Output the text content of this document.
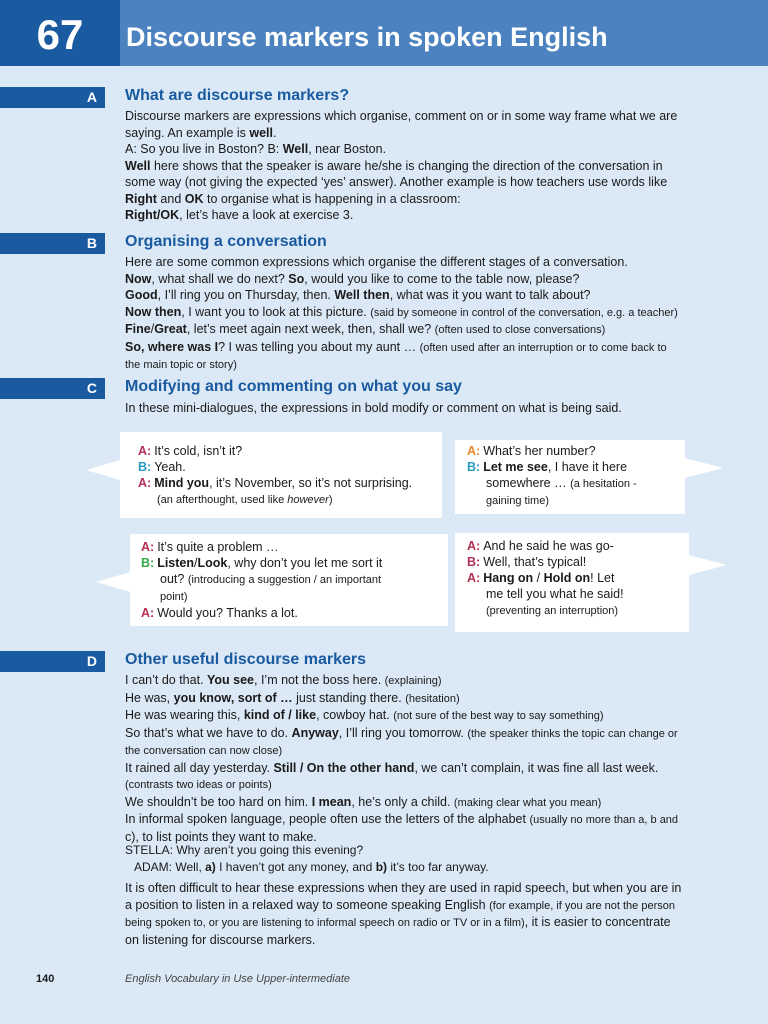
67	Discourse markers in spoken English
A	What are discourse markers?
Discourse markers are expressions which organise, comment on or in some way frame what we are
saying. An example is well.
A: So you live in Boston? B: Well, near Boston.
Well here shows that the speaker is aware he/she is changing the direction of the conversation in
some way (not giving the expected ‘yes’ answer). Another example is how teachers use words like
Right and OK to organise what is happening in a classroom:
Right/OK, let’s have a look at exercise 3.
B	Organising a conversation
Here are some common expressions which organise the different stages of a conversation.
Now, what shall we do next? So, would you like to come to the table now, please?
Good, I’ll ring you on Thursday, then. Well then, what was it you want to talk about?
Now then, I want you to look at this picture. (said by someone in control of the conversation, e.g. a teacher)
Fine/Great, let’s meet again next week, then, shall we? (often used to close conversations)
So, where was I? I was telling you about my aunt … (often used after an interruption or to come back to
the main topic or story)
C	Modifying and commenting on what you say
In these mini-dialogues, the expressions in bold modify or comment on what is being said.
A: It’s cold, isn’t it?
B: Yeah.
A: Mind you, it’s November, so it’s not surprising.
(an afterthought, used like however)
A: What’s her number?
B: Let me see, I have it here
somewhere … (a hesitation -
gaining time)
A: It’s quite a problem …
B: Listen/Look, why don’t you let me sort it
out? (introducing a suggestion / an important
point)
A: Would you? Thanks a lot.
A: And he said he was go-
B: Well, that’s typical!
A: Hang on / Hold on! Let
me tell you what he said!
(preventing an interruption)
D	Other useful discourse markers
I can’t do that. You see, I’m not the boss here. (explaining)
He was, you know, sort of … just standing there. (hesitation)
He was wearing this, kind of / like, cowboy hat. (not sure of the best way to say something)
So that’s what we have to do. Anyway, I’ll ring you tomorrow. (the speaker thinks the topic can change or
the conversation can now close)
It rained all day yesterday. Still / On the other hand, we can’t complain, it was fine all last week.
(contrasts two ideas or points)
We shouldn’t be too hard on him. I mean, he’s only a child. (making clear what you mean)
In informal spoken language, people often use the letters of the alphabet (usually no more than a, b and
c), to list points they want to make.
STELLA: Why aren’t you going this evening?
ADAM: Well, a) I haven’t got any money, and b) it’s too far anyway.
It is often difficult to hear these expressions when they are used in rapid speech, but when you are in
a position to listen in a relaxed way to someone speaking English (for example, if you are not the person
being spoken to, or you are listening to informal speech on radio or TV or in a film), it is easier to concentrate
on listening for discourse markers.
140	English Vocabulary in Use Upper-intermediate
